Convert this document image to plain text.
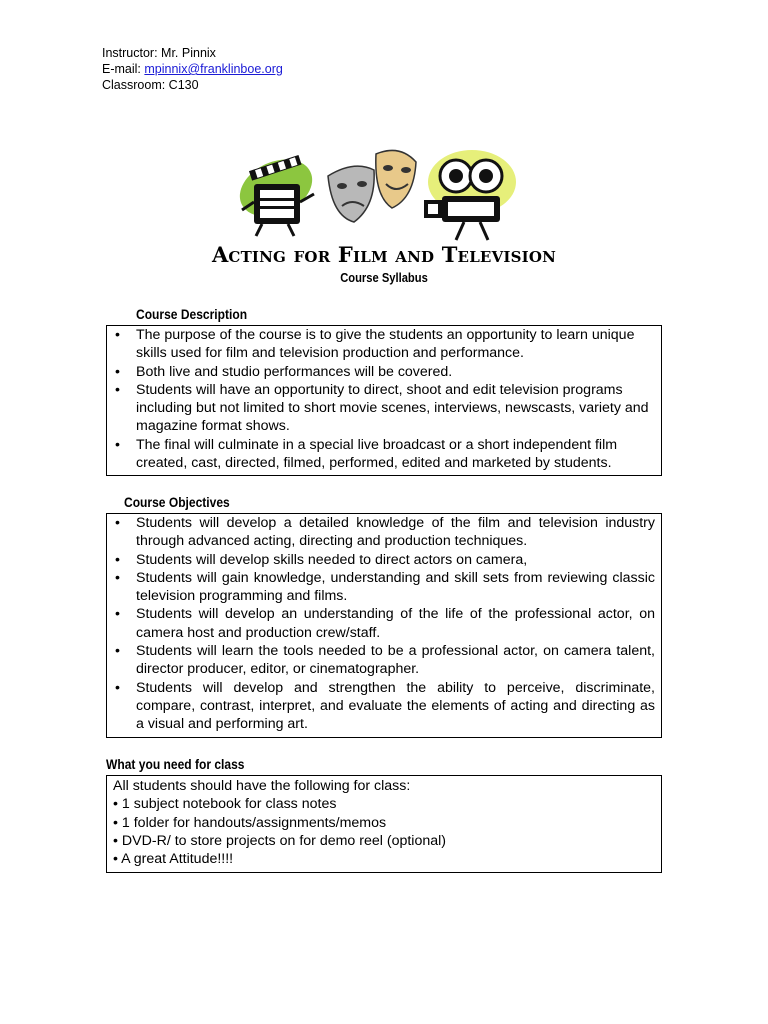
Instructor: Mr. Pinnix
E-mail: mpinnix@franklinboe.org
Classroom: C130
Acting for Film and Television
Course Syllabus
Course Description
• The purpose of the course is to give the students an opportunity to learn unique skills used for film and television production and performance.
• Both live and studio performances will be covered.
• Students will have an opportunity to direct, shoot and edit television programs including but not limited to short movie scenes, interviews, newscasts, variety and magazine format shows.
• The final will culminate in a special live broadcast or a short independent film created, cast, directed, filmed, performed, edited and marketed by students.
Course Objectives
• Students will develop a detailed knowledge of the film and television industry through advanced acting, directing and production techniques.
• Students will develop skills needed to direct actors on camera,
• Students will gain knowledge, understanding and skill sets from reviewing classic television programming and films.
• Students will develop an understanding of the life of the professional actor, on camera host and production crew/staff.
• Students will learn the tools needed to be a professional actor, on camera talent, director producer, editor, or cinematographer.
• Students will develop and strengthen the ability to perceive, discriminate, compare, contrast, interpret, and evaluate the elements of acting and directing as a visual and performing art.
What you need for class

All students should have the following for class:

• 1 subject notebook for class notes

• 1 folder for handouts/assignments/memos

• DVD-R/ to store projects on for demo reel (optional)

• A great Attitude!!!!
